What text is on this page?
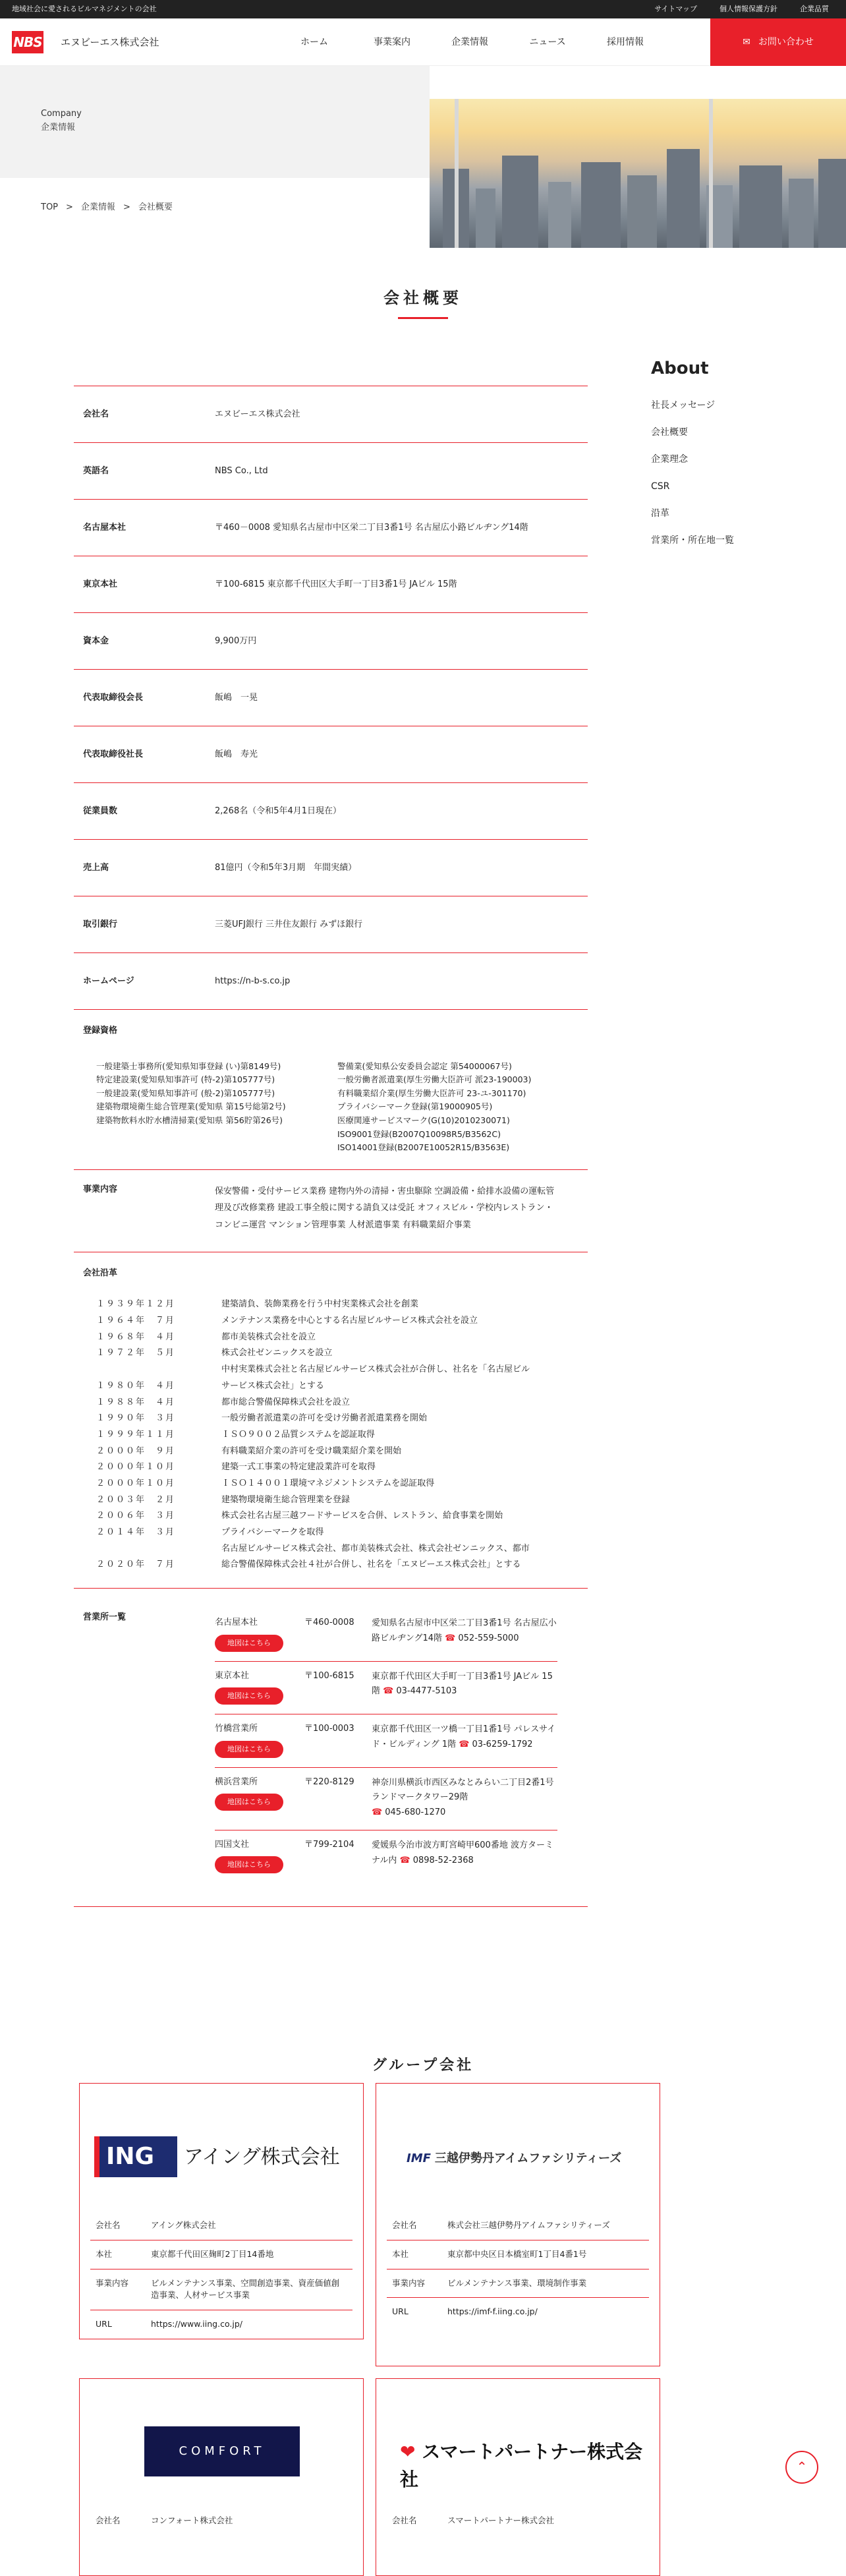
地域社会に愛されるビルマネジメントの会社	サイトマップ	個人情報保護方針	企業品質
NBS エヌビーエス株式会社	ホーム	事業案内	企業情報	ニュース	採用情報	✉ お問い合わせ
Company
企業情報
TOP > 企業情報 > 会社概要
会社概要
About
社長メッセージ
会社概要
企業理念
CSR
沿革
営業所・所在地一覧
会社名	エヌビーエス株式会社
英語名	NBS Co., Ltd
名古屋本社	〒460－0008 愛知県名古屋市中区栄二丁目3番1号 名古屋広小路ビルヂング14階
東京本社	〒100-6815 東京都千代田区大手町一丁目3番1号 JAビル 15階
資本金	9,900万円
代表取締役会長	飯嶋　一晃
代表取締役社長	飯嶋　寿光
従業員数	2,268名（令和5年4月1日現在）
売上高	81億円（令和5年3月期　年間実績）
取引銀行	三菱UFJ銀行 三井住友銀行 みずほ銀行
ホームページ	https://n-b-s.co.jp
登録資格

一般建築士事務所(愛知県知事登録 (い)第8149号)

特定建設業(愛知県知事許可 (特-2)第105777号)

一般建設業(愛知県知事許可 (般-2)第105777号)

建築物環境衛生総合管理業(愛知県 第15号総第2号)

建築物飲料水貯水槽清掃業(愛知県 第56貯第26号)

警備業(愛知県公安委員会認定 第54000067号)

一般労働者派遣業(厚生労働大臣許可 派23-190003)

有料職業紹介業(厚生労働大臣許可 23-ユ-301170)

プライバシーマーク登録(第19000905号)

医療関連サービスマーク(G(10)2010230071)

ISO9001登録(B2007Q10098R5/B3562C)

ISO14001登録(B2007E10052R15/B3563E)

事業内容	保安警備・受付サービス業務 建物内外の清掃・害虫駆除 空調設備・給排水設備の運転管理及び改修業務 建設工事全般に関する請負又は受託 オフィスビル・学校内レストラン・コンビニ運営 マンション管理事業 人材派遣事業 有料職業紹介事業
会社沿革
１９３９年１２月	建築請負、装飾業務を行う中村実業株式会社を創業
１９６４年　７月	メンテナンス業務を中心とする名古屋ビルサービス株式会社を設立
１９６８年　４月	都市美装株式会社を設立
１９７２年　５月	株式会社ゼンニックスを設立
中村実業株式会社と名古屋ビルサービス株式会社が合併し、社名を「名古屋ビル
１９８０年　４月	サービス株式会社」とする
１９８８年　４月	都市総合警備保障株式会社を設立
１９９０年　３月	一般労働者派遣業の許可を受け労働者派遣業務を開始
１９９９年１１月	ＩＳＯ９００２品質システムを認証取得
２０００年　９月	有料職業紹介業の許可を受け職業紹介業を開始
２０００年１０月	建築一式工事業の特定建設業許可を取得
２０００年１０月	ＩＳＯ１４００１環境マネジメントシステムを認証取得
２００３年　２月	建築物環境衛生総合管理業を登録
２００６年　３月	株式会社名古屋三越フードサービスを合併、レストラン、給食事業を開始
２０１４年　３月	プライバシーマークを取得
名古屋ビルサービス株式会社、都市美装株式会社、株式会社ゼンニックス、都市
２０２０年　７月	総合警備保障株式会社４社が合併し、社名を「エヌビーエス株式会社」とする
営業所一覧
名古屋本社
地図はこちら
〒460-0008	愛知県名古屋市中区栄二丁目3番1号 名古屋広小路ビルヂング14階 ☎ 052-559-5000
東京本社
地図はこちら
〒100-6815	東京都千代田区大手町一丁目3番1号 JAビル 15階 ☎ 03-4477-5103
竹橋営業所
地図はこちら
〒100-0003	東京都千代田区一ツ橋一丁目1番1号 パレスサイド・ビルディング 1階 ☎ 03-6259-1792
横浜営業所
地図はこちら
〒220-8129	神奈川県横浜市西区みなとみらい二丁目2番1号ランドマークタワー29階
☎ 045-680-1270
四国支社
地図はこちら
〒799-2104	愛媛県今治市波方町宮崎甲600番地 波方ターミナル内 ☎ 0898-52-2368
グループ会社
ING	アイング株式会社
会社名	アイング株式会社
本社	東京都千代田区麹町2丁目14番地
事業内容	ビルメンテナンス事業、空間創造事業、資産価値創造事業、人材サービス事業
URL	https://www.iing.co.jp/
IMF 三越伊勢丹アイムファシリティーズ
会社名	株式会社三越伊勢丹アイムファシリティーズ
本社	東京都中央区日本橋室町1丁目4番1号
事業内容	ビルメンテナンス事業、環境制作事業
URL	https://imf-f.iing.co.jp/
COMFORT
会社名	コンフォート株式会社
❤ スマートパートナー株式会社
会社名	スマートパートナー株式会社
⌃
